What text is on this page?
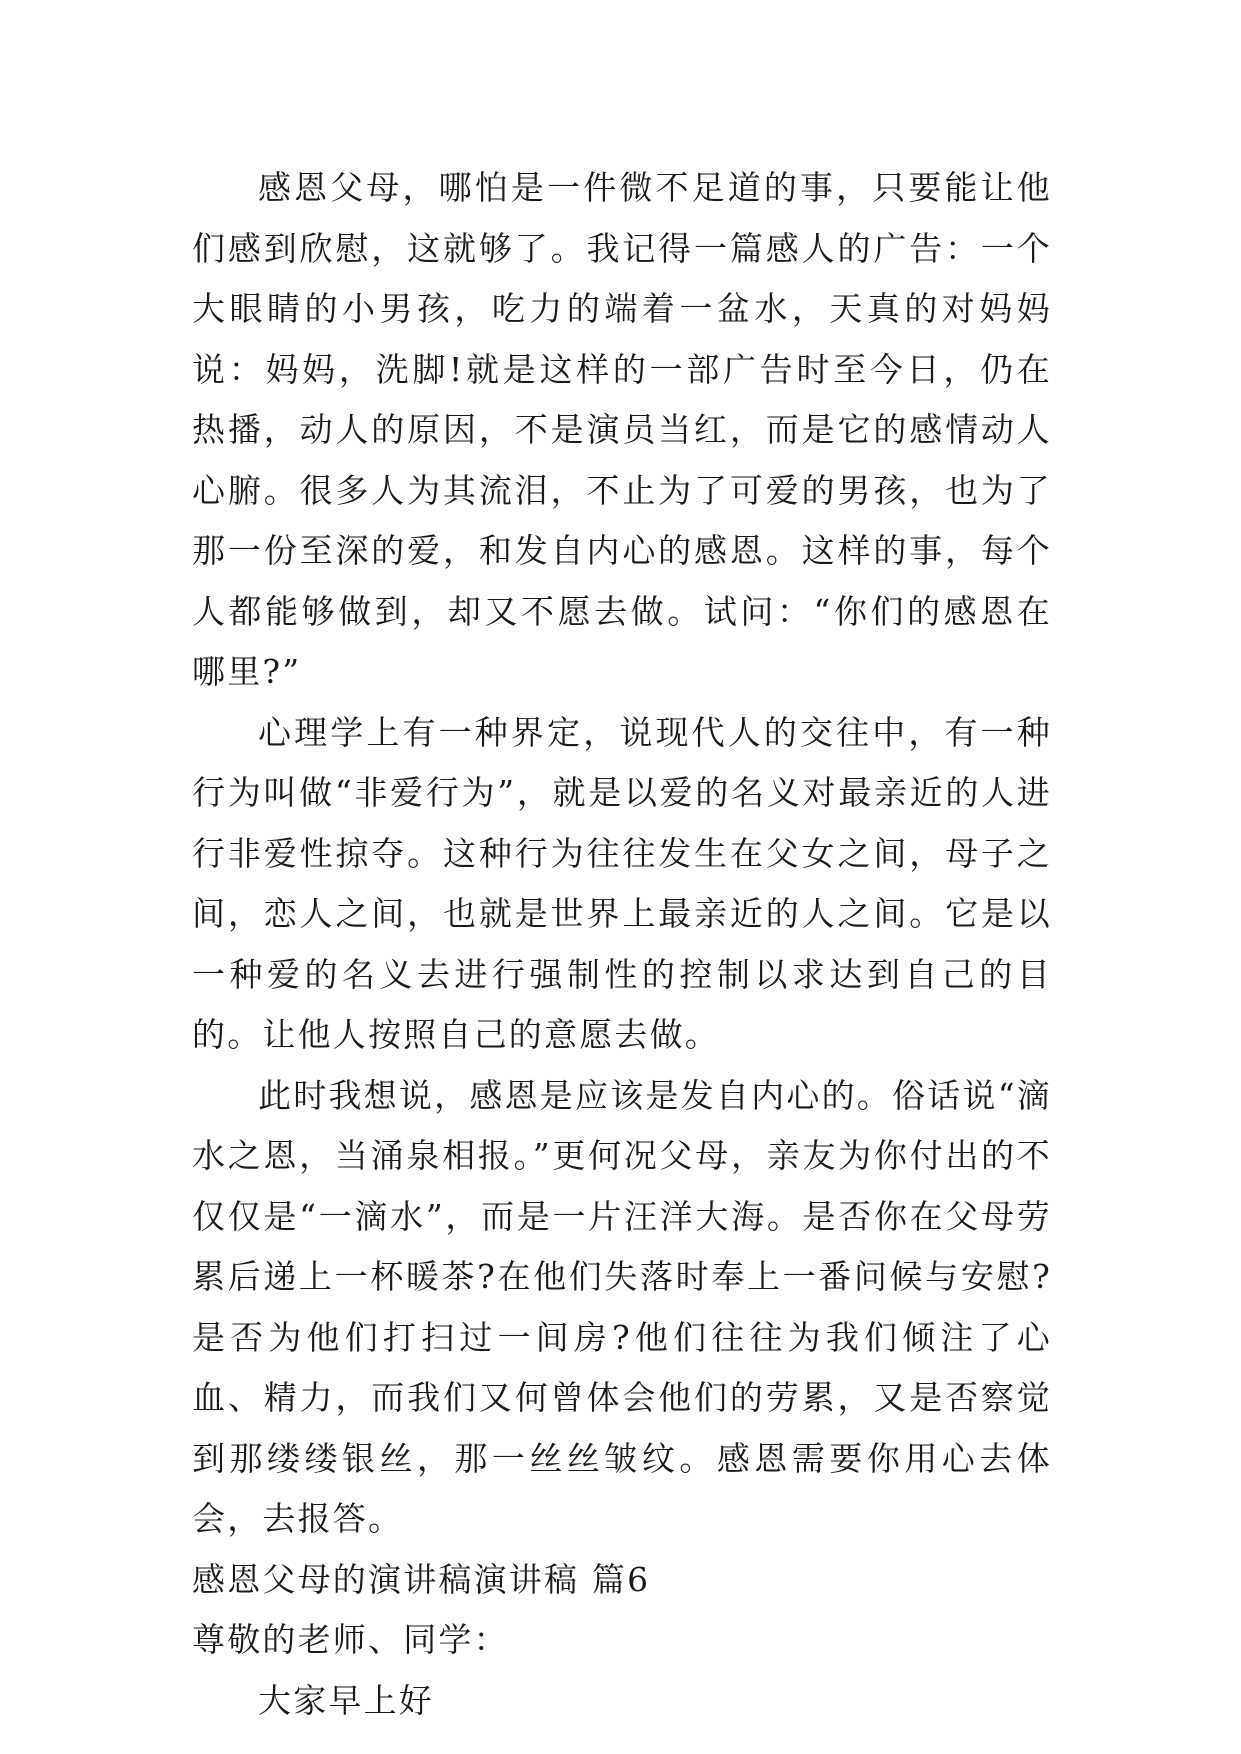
感恩父母，哪怕是一件微不足道的事，只要能让他们感到欣慰，这就够了。我记得一篇感人的广告：一个大眼睛的小男孩，吃力的端着一盆水，天真的对妈妈说：妈妈，洗脚!就是这样的一部广告时至今日，仍在热播，动人的原因，不是演员当红，而是它的感情动人心腑。很多人为其流泪，不止为了可爱的男孩，也为了那一份至深的爱，和发自内心的感恩。这样的事，每个人都能够做到，却又不愿去做。试问：“你们的感恩在哪里?”

心理学上有一种界定，说现代人的交往中，有一种行为叫做“非爱行为”，就是以爱的名义对最亲近的人进行非爱性掠夺。这种行为往往发生在父女之间，母子之间，恋人之间，也就是世界上最亲近的人之间。它是以一种爱的名义去进行强制性的控制以求达到自己的目的。让他人按照自己的意愿去做。

此时我想说，感恩是应该是发自内心的。俗话说“滴水之恩，当涌泉相报。”更何况父母，亲友为你付出的不仅仅是“一滴水”，而是一片汪洋大海。是否你在父母劳累后递上一杯暖茶?在他们失落时奉上一番问候与安慰?是否为他们打扫过一间房?他们往往为我们倾注了心血、精力，而我们又何曾体会他们的劳累，又是否察觉到那缕缕银丝，那一丝丝皱纹。感恩需要你用心去体会，去报答。

感恩父母的演讲稿演讲稿 篇6

尊敬的老师、同学：

大家早上好
